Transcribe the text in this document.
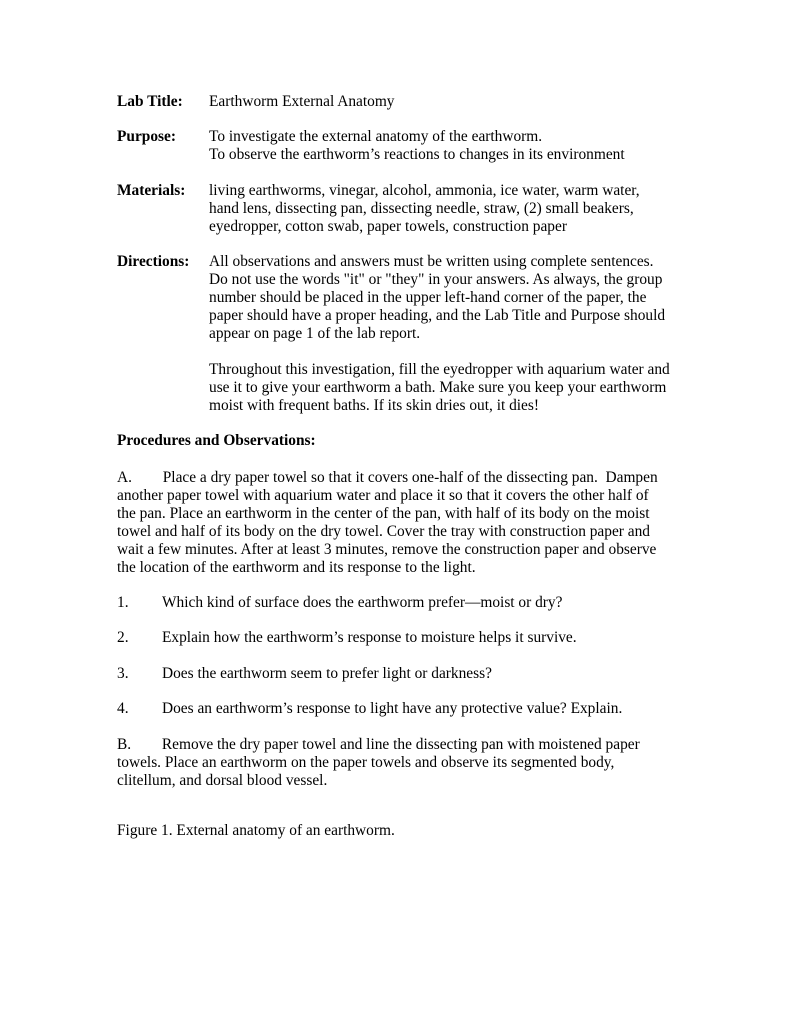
Lab Title:	Earthworm External Anatomy
Purpose:	To investigate the external anatomy of the earthworm.
To observe the earthworm’s reactions to changes in its environment
Materials:	living earthworms, vinegar, alcohol, ammonia, ice water, warm water,
hand lens, dissecting pan, dissecting needle, straw, (2) small beakers,
eyedropper, cotton swab, paper towels, construction paper
Directions:	All observations and answers must be written using complete sentences.
Do not use the words "it" or "they" in your answers. As always, the group
number should be placed in the upper left-hand corner of the paper, the
paper should have a proper heading, and the Lab Title and Purpose should
appear on page 1 of the lab report.
Throughout this investigation, fill the eyedropper with aquarium water and
use it to give your earthworm a bath. Make sure you keep your earthworm
moist with frequent baths. If its skin dries out, it dies!
Procedures and Observations:
A.        Place a dry paper towel so that it covers one-half of the dissecting pan.  Dampen
another paper towel with aquarium water and place it so that it covers the other half of
the pan. Place an earthworm in the center of the pan, with half of its body on the moist
towel and half of its body on the dry towel. Cover the tray with construction paper and
wait a few minutes. After at least 3 minutes, remove the construction paper and observe
the location of the earthworm and its response to the light.
1. Which kind of surface does the earthworm prefer—moist or dry?
2. Explain how the earthworm’s response to moisture helps it survive.
3. Does the earthworm seem to prefer light or darkness?
4. Does an earthworm’s response to light have any protective value? Explain.
B.        Remove the dry paper towel and line the dissecting pan with moistened paper
towels. Place an earthworm on the paper towels and observe its segmented body,
clitellum, and dorsal blood vessel.
Figure 1. External anatomy of an earthworm.
